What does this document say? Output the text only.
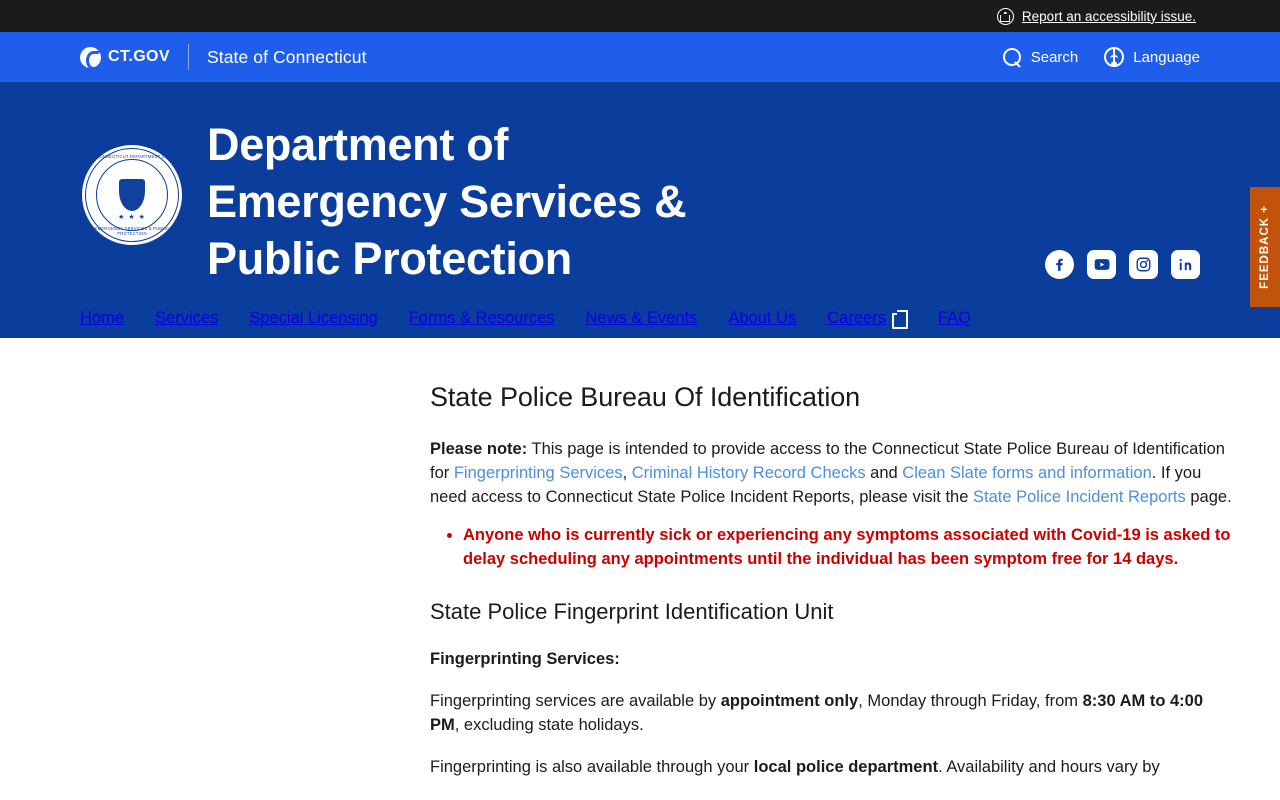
Report an accessibility issue.
CT.GOV State of Connecticut	Search	Language
CONNECTICUT DEPARTMENT OF
★ ★ ★
EMERGENCY SERVICES & PUBLIC PROTECTION
Department of
Emergency Services &
Public Protection
Home Services Special Licensing Forms & Resources News & Events About Us Careers	FAQ
FEEDBACK +
State Police Bureau Of Identification

Please note: This page is intended to provide access to the Connecticut State Police Bureau of Identification for Fingerprinting Services, Criminal History Record Checks and Clean Slate forms and information. If you need access to Connecticut State Police Incident Reports, please visit the State Police Incident Reports page.

• Anyone who is currently sick or experiencing any symptoms associated with Covid-19 is asked to delay scheduling any appointments until the individual has been symptom free for 14 days.
State Police Fingerprint Identification Unit

Fingerprinting Services:

Fingerprinting services are available by appointment only, Monday through Friday, from 8:30 AM to 4:00 PM, excluding state holidays.

Fingerprinting is also available through your local police department. Availability and hours vary by
